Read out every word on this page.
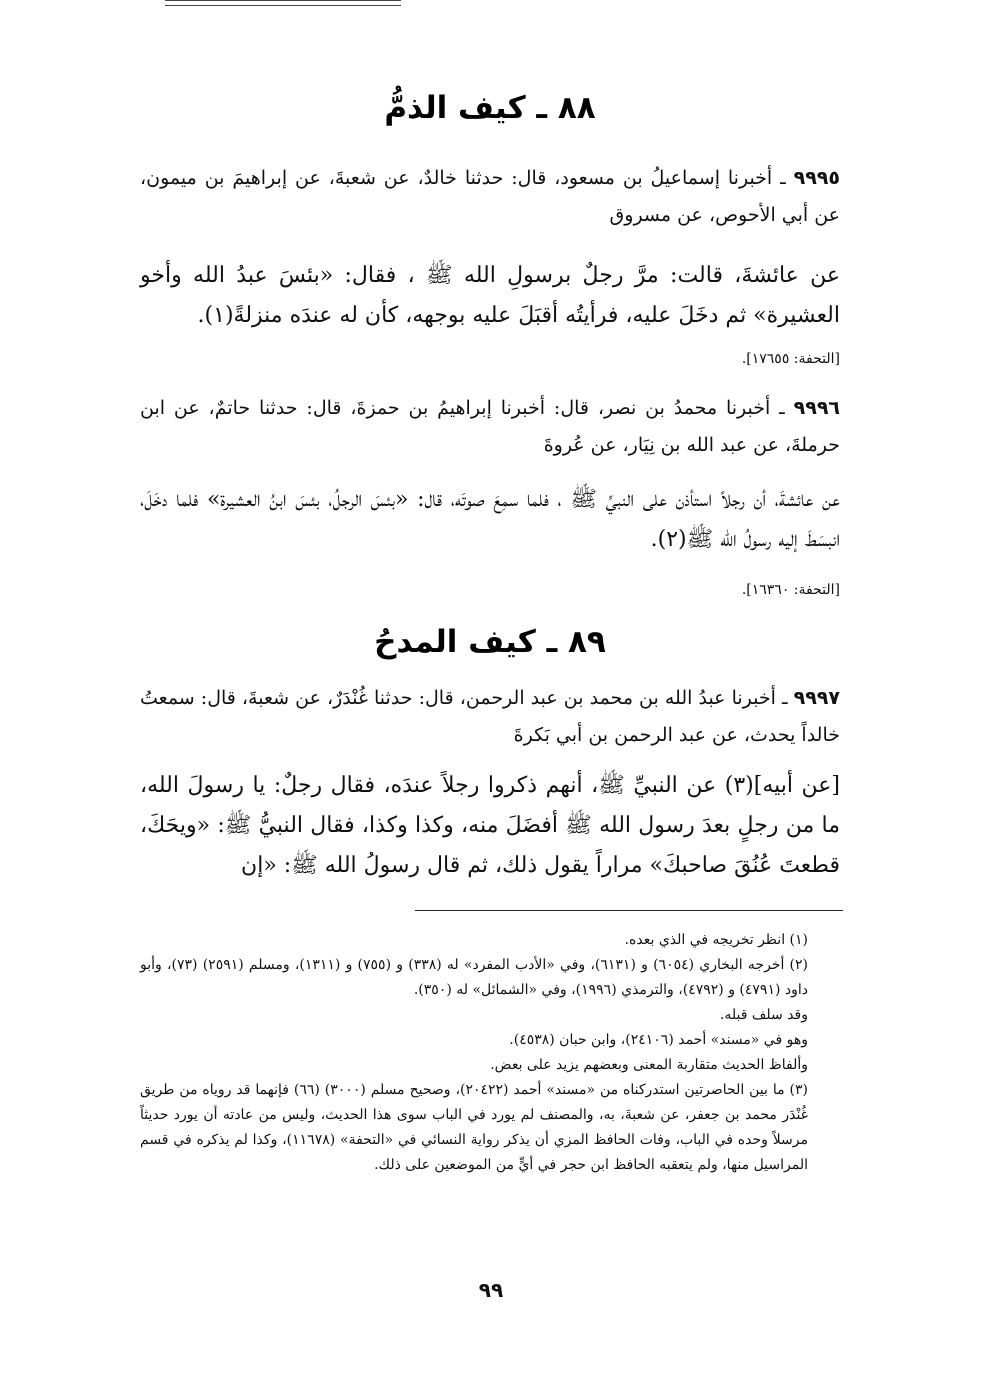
٨٨ ـ كيف الذمُّ
٩٩٩٥ ـ أخبرنا إسماعيلُ بن مسعود، قال: حدثنا خالدٌ، عن شعبةَ، عن إبراهيمَ بن ميمون، عن أبي الأحوص، عن مسروق
عن عائشةَ، قالت: مرَّ رجلٌ برسولِ الله ﷺ ، فقال: «بئسَ عبدُ الله وأخو العشيرة» ثم دخَلَ عليه، فرأيتُه أقبَلَ عليه بوجهه، كأن له عندَه منزلةً(١).
[التحفة: ١٧٦٥٥].
٩٩٩٦ ـ أخبرنا محمدُ بن نصر، قال: أخبرنا إبراهيمُ بن حمزةَ، قال: حدثنا حاتمٌ، عن ابن حرملةَ، عن عبد الله بن نِيَار، عن عُروةَ
عن عائشةَ، أن رجلاً استأذن على النبيِّ ﷺ ، فلما سمِعَ صوتَه، قال: «بئسَ الرجلُ، بئسَ ابنُ العشيرة» فلما دخَلَ، انبسَطَ إليه رسولُ الله ﷺ(٢).
[التحفة: ١٦٣٦٠].
٨٩ ـ كيف المدحُ
٩٩٩٧ ـ أخبرنا عبدُ الله بن محمد بن عبد الرحمن، قال: حدثنا غُنْدَرٌ، عن شعبةَ، قال: سمعتُ خالداً يحدث، عن عبد الرحمن بن أبي بَكرةَ
[عن أبيه](٣) عن النبيِّ ﷺ، أنهم ذكروا رجلاً عندَه، فقال رجلٌ: يا رسولَ الله، ما من رجلٍ بعدَ رسول الله ﷺ أفضَلَ منه، وكذا وكذا، فقال النبيُّ ﷺ: «ويحَكَ، قطعتَ عُنُقَ صاحبكَ» مراراً يقول ذلك، ثم قال رسولُ الله ﷺ: «إن
(١) انظر تخريجه في الذي بعده.
(٢) أخرجه البخاري (٦٠٥٤) و (٦١٣١)، وفي «الأدب المفرد» له (٣٣٨) و (٧٥٥) و (١٣١١)، ومسلم (٢٥٩١) (٧٣)، وأبو داود (٤٧٩١) و (٤٧٩٢)، والترمذي (١٩٩٦)، وفي «الشمائل» له (٣٥٠).
وقد سلف قبله.
وهو في «مسند» أحمد (٢٤١٠٦)، وابن حبان (٤٥٣٨).
وألفاظ الحديث متقاربة المعنى وبعضهم يزيد على بعض.
(٣) ما بين الحاصرتين استدركناه من «مسند» أحمد (٢٠٤٢٢)، وصحيح مسلم (٣٠٠٠) (٦٦) فإنهما قد روياه من طريق غُنْدَر محمد بن جعفر، عن شعبةَ، به، والمصنف لم يورد في الباب سوى هذا الحديث، وليس من عادته أن يورد حديثاً مرسلاً وحده في الباب، وفات الحافظ المزي أن يذكر رواية النسائي في «التحفة» (١١٦٧٨)، وكذا لم يذكره في قسم المراسيل منها، ولم يتعقبه الحافظ ابن حجر في أيٍّ من الموضعين على ذلك.
٩٩
